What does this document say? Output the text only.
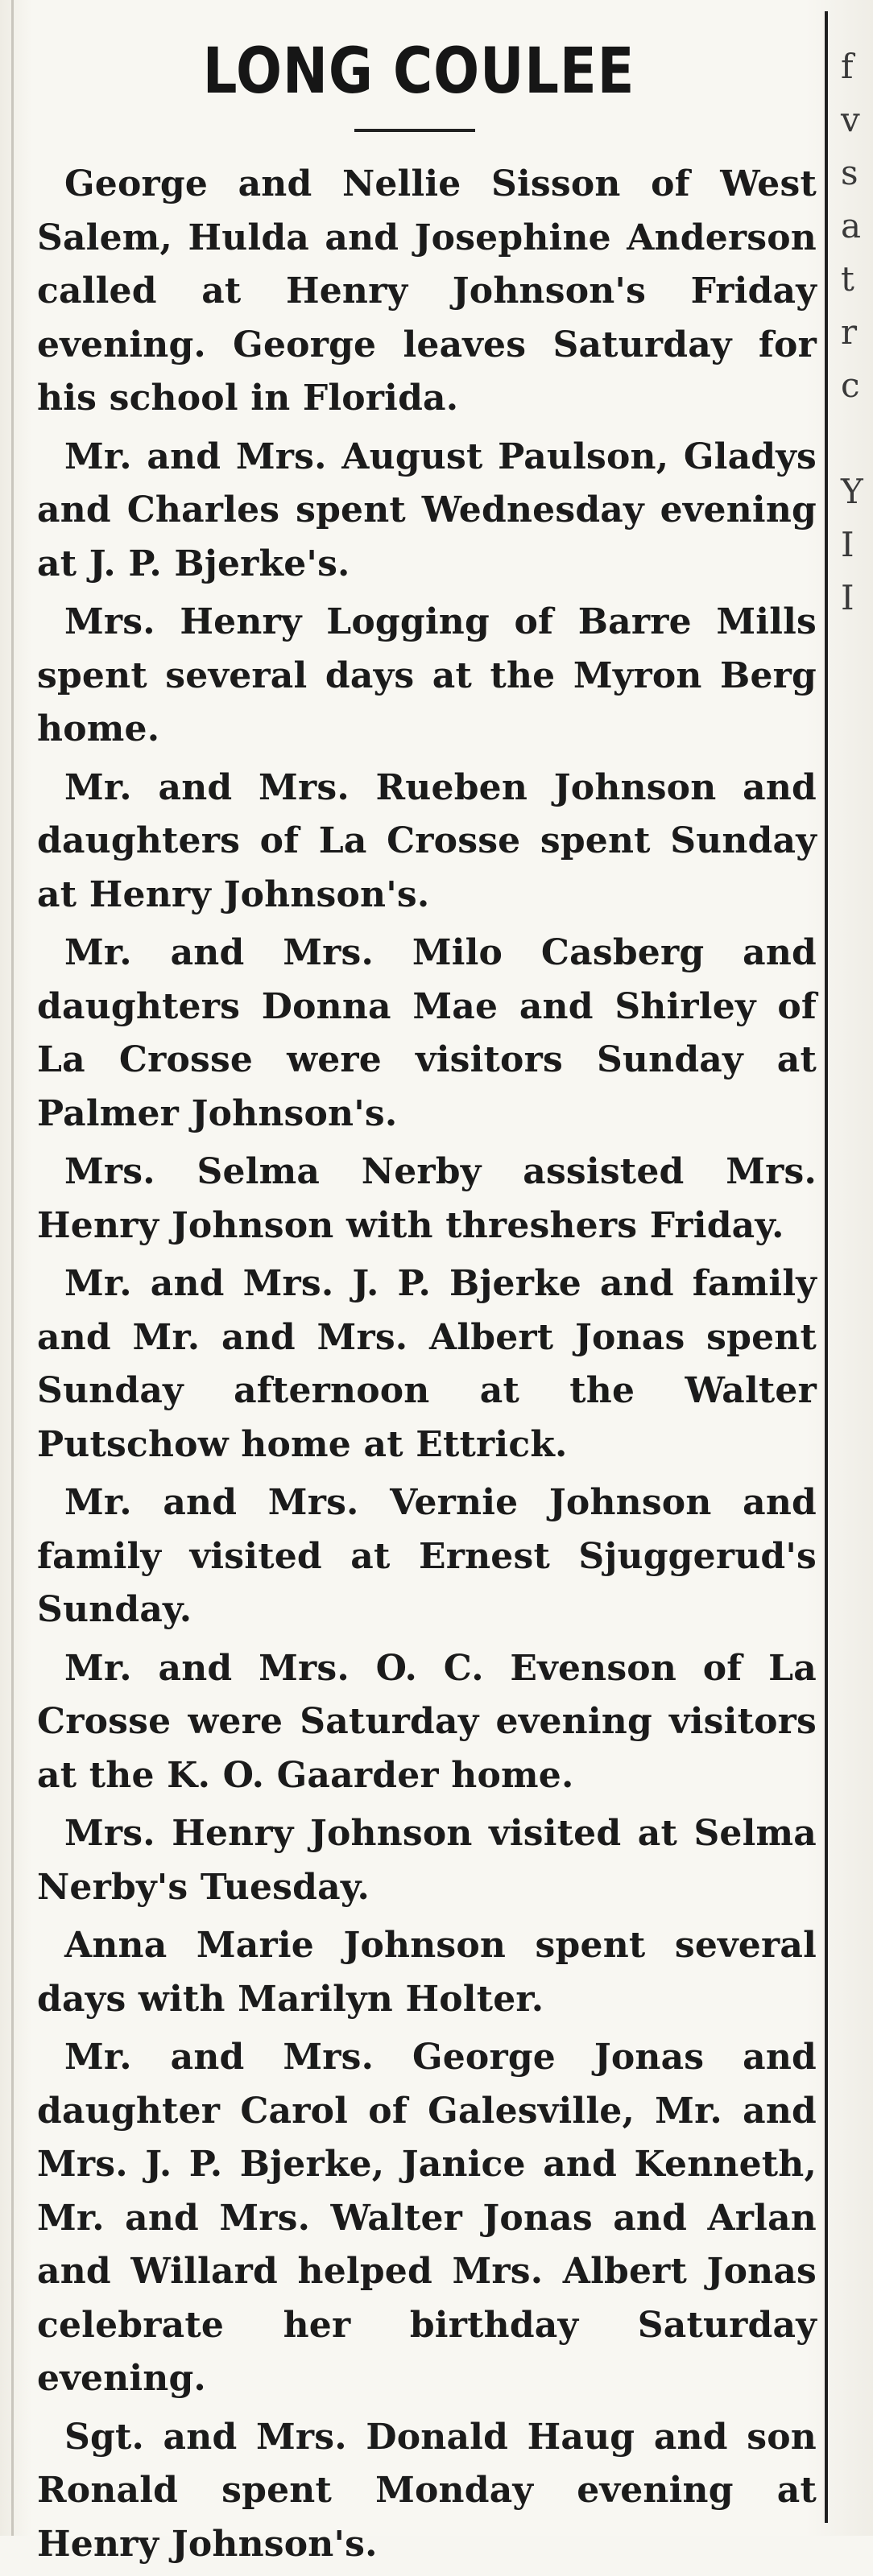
LONG COULEE

George and Nellie Sisson of West Salem, Hulda and Josephine Anderson called at Henry Johnson's Friday evening. George leaves Saturday for his school in Florida.

Mr. and Mrs. August Paulson, Gladys and Charles spent Wednesday evening at J. P. Bjerke's.

Mrs. Henry Logging of Barre Mills spent several days at the Myron Berg home.

Mr. and Mrs. Rueben Johnson and daughters of La Crosse spent Sunday at Henry Johnson's.

Mr. and Mrs. Milo Casberg and daughters Donna Mae and Shirley of La Crosse were visitors Sunday at Palmer Johnson's.

Mrs. Selma Nerby assisted Mrs. Henry Johnson with threshers Friday.

Mr. and Mrs. J. P. Bjerke and family and Mr. and Mrs. Albert Jonas spent Sunday afternoon at the Walter Putschow home at Ettrick.

Mr. and Mrs. Vernie Johnson and family visited at Ernest Sjuggerud's Sunday.

Mr. and Mrs. O. C. Evenson of La Crosse were Saturday evening visitors at the K. O. Gaarder home.

Mrs. Henry Johnson visited at Selma Nerby's Tuesday.

Anna Marie Johnson spent several days with Marilyn Holter.

Mr. and Mrs. George Jonas and daughter Carol of Galesville, Mr. and Mrs. J. P. Bjerke, Janice and Kenneth, Mr. and Mrs. Walter Jonas and Arlan and Willard helped Mrs. Albert Jonas celebrate her birthday Saturday evening.

Sgt. and Mrs. Donald Haug and son Ronald spent Monday evening at Henry Johnson's.

f
v
s
a
t
r
c
Y
I
I
